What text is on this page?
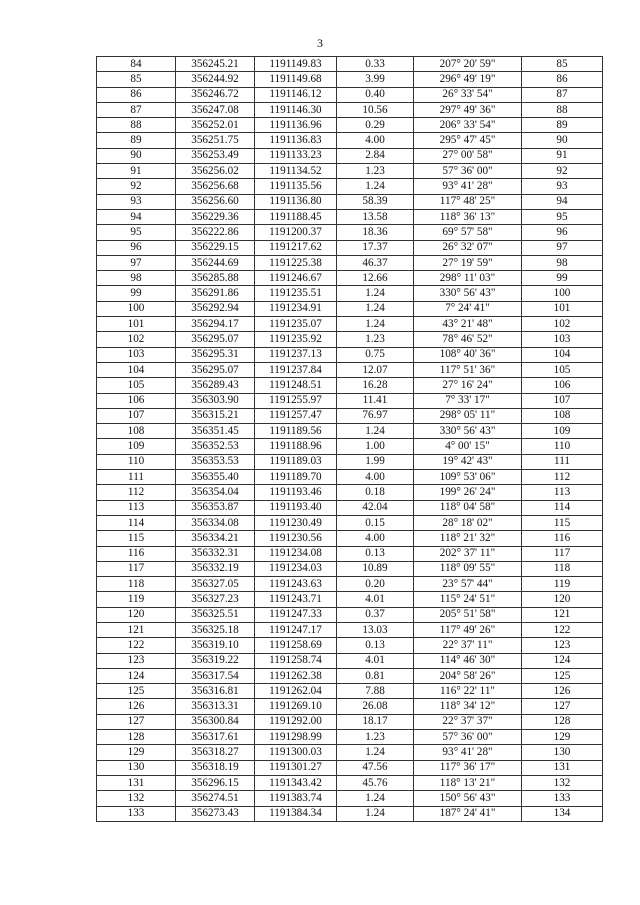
3
84	356245.21	1191149.83	0.33	207° 20' 59"	85
85	356244.92	1191149.68	3.99	296° 49' 19"	86
86	356246.72	1191146.12	0.40	26° 33' 54"	87
87	356247.08	1191146.30	10.56	297° 49' 36"	88
88	356252.01	1191136.96	0.29	206° 33' 54"	89
89	356251.75	1191136.83	4.00	295° 47' 45"	90
90	356253.49	1191133.23	2.84	27° 00' 58"	91
91	356256.02	1191134.52	1.23	57° 36' 00"	92
92	356256.68	1191135.56	1.24	93° 41' 28"	93
93	356256.60	1191136.80	58.39	117° 48' 25"	94
94	356229.36	1191188.45	13.58	118° 36' 13"	95
95	356222.86	1191200.37	18.36	69° 57' 58"	96
96	356229.15	1191217.62	17.37	26° 32' 07"	97
97	356244.69	1191225.38	46.37	27° 19' 59"	98
98	356285.88	1191246.67	12.66	298° 11' 03"	99
99	356291.86	1191235.51	1.24	330° 56' 43"	100
100	356292.94	1191234.91	1.24	7° 24' 41"	101
101	356294.17	1191235.07	1.24	43° 21' 48"	102
102	356295.07	1191235.92	1.23	78° 46' 52"	103
103	356295.31	1191237.13	0.75	108° 40' 36"	104
104	356295.07	1191237.84	12.07	117° 51' 36"	105
105	356289.43	1191248.51	16.28	27° 16' 24"	106
106	356303.90	1191255.97	11.41	7° 33' 17"	107
107	356315.21	1191257.47	76.97	298° 05' 11"	108
108	356351.45	1191189.56	1.24	330° 56' 43"	109
109	356352.53	1191188.96	1.00	4° 00' 15"	110
110	356353.53	1191189.03	1.99	19° 42' 43"	111
111	356355.40	1191189.70	4.00	109° 53' 06"	112
112	356354.04	1191193.46	0.18	199° 26' 24"	113
113	356353.87	1191193.40	42.04	118° 04' 58"	114
114	356334.08	1191230.49	0.15	28° 18' 02"	115
115	356334.21	1191230.56	4.00	118° 21' 32"	116
116	356332.31	1191234.08	0.13	202° 37' 11"	117
117	356332.19	1191234.03	10.89	118° 09' 55"	118
118	356327.05	1191243.63	0.20	23° 57' 44"	119
119	356327.23	1191243.71	4.01	115° 24' 51"	120
120	356325.51	1191247.33	0.37	205° 51' 58"	121
121	356325.18	1191247.17	13.03	117° 49' 26"	122
122	356319.10	1191258.69	0.13	22° 37' 11"	123
123	356319.22	1191258.74	4.01	114° 46' 30"	124
124	356317.54	1191262.38	0.81	204° 58' 26"	125
125	356316.81	1191262.04	7.88	116° 22' 11"	126
126	356313.31	1191269.10	26.08	118° 34' 12"	127
127	356300.84	1191292.00	18.17	22° 37' 37"	128
128	356317.61	1191298.99	1.23	57° 36' 00"	129
129	356318.27	1191300.03	1.24	93° 41' 28"	130
130	356318.19	1191301.27	47.56	117° 36' 17"	131
131	356296.15	1191343.42	45.76	118° 13' 21"	132
132	356274.51	1191383.74	1.24	150° 56' 43"	133
133	356273.43	1191384.34	1.24	187° 24' 41"	134
